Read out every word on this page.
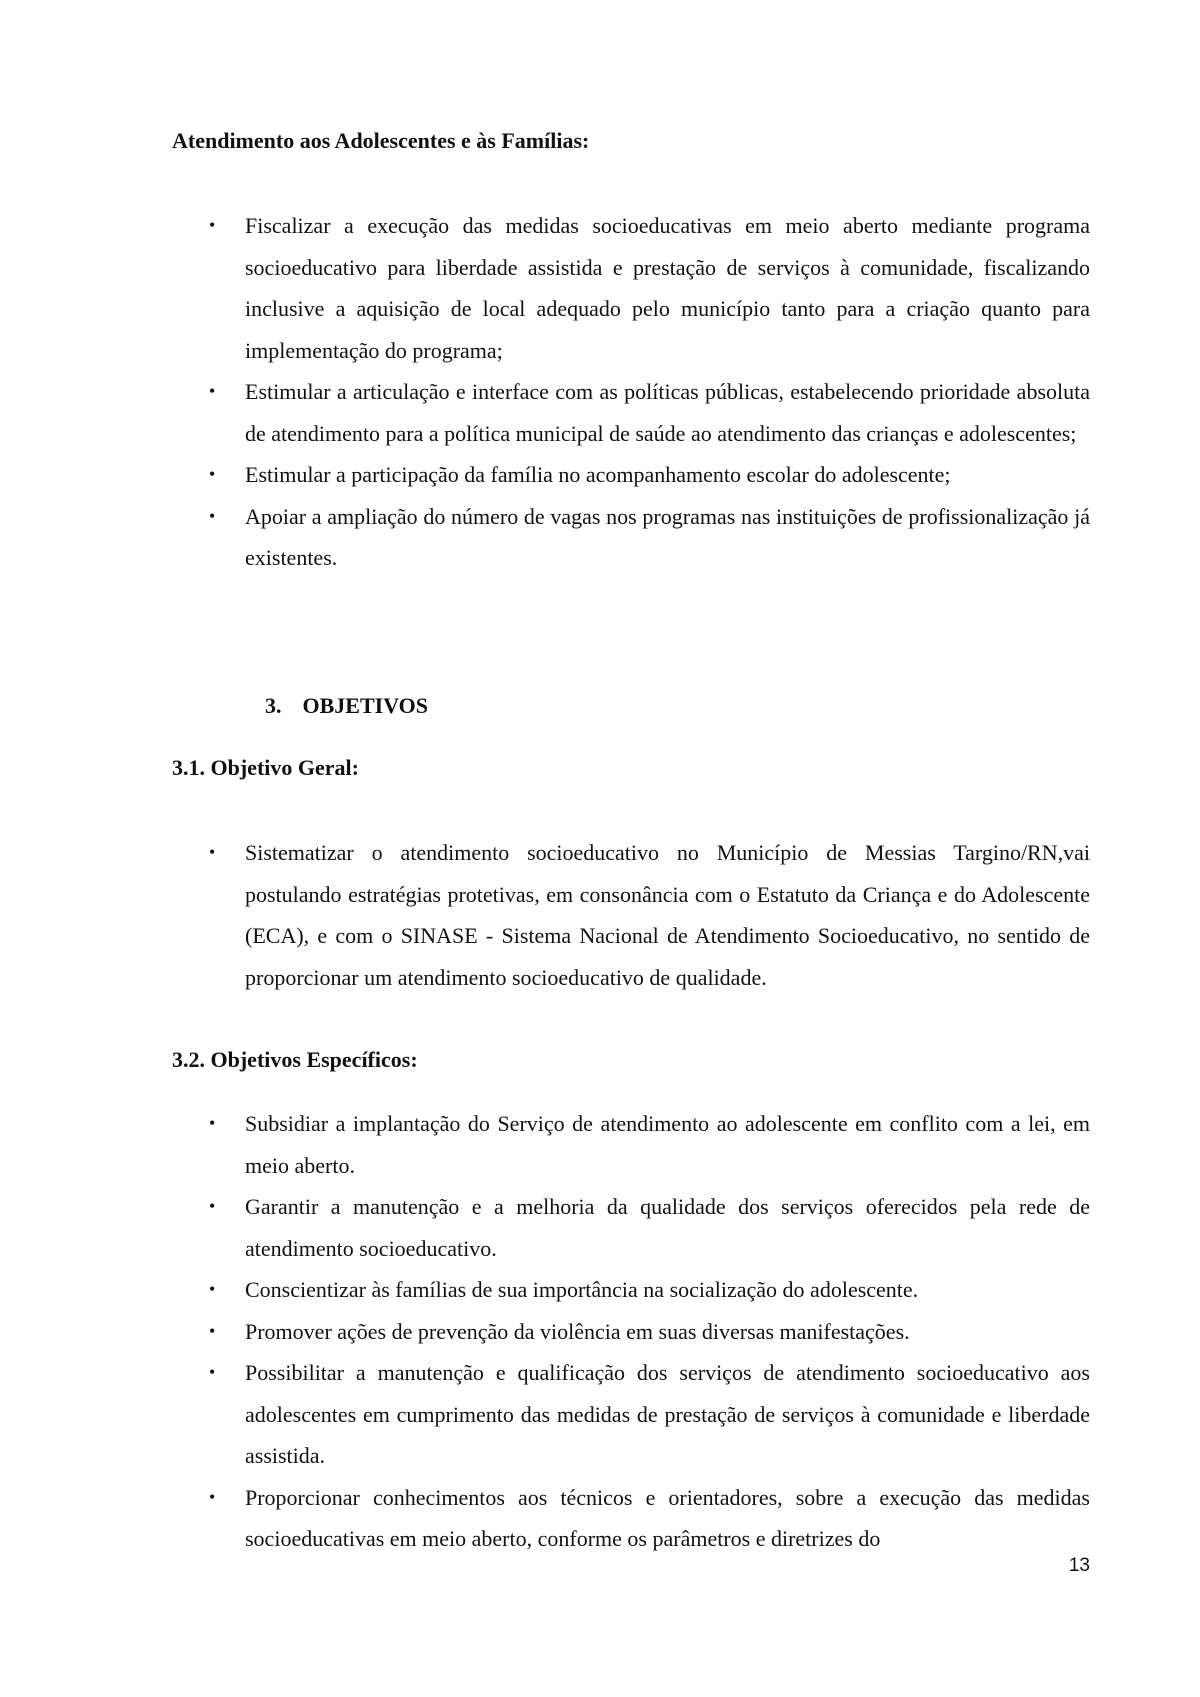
Atendimento aos Adolescentes e às Famílias:
• Fiscalizar a execução das medidas socioeducativas em meio aberto mediante programa socioeducativo para liberdade assistida e prestação de serviços à comunidade, fiscalizando inclusive a aquisição de local adequado pelo município tanto para a criação quanto para implementação do programa;
• Estimular a articulação e interface com as políticas públicas, estabelecendo prioridade absoluta de atendimento para a política municipal de saúde ao atendimento das crianças e adolescentes;
• Estimular a participação da família no acompanhamento escolar do adolescente;
• Apoiar a ampliação do número de vagas nos programas nas instituições de profissionalização já existentes.
3. OBJETIVOS
3.1. Objetivo Geral:
• Sistematizar o atendimento socioeducativo no Município de Messias Targino/RN,vai postulando estratégias protetivas, em consonância com o Estatuto da Criança e do Adolescente (ECA), e com o SINASE - Sistema Nacional de Atendimento Socioeducativo, no sentido de proporcionar um atendimento socioeducativo de qualidade.
3.2. Objetivos Específicos:
• Subsidiar a implantação do Serviço de atendimento ao adolescente em conflito com a lei, em meio aberto.
• Garantir a manutenção e a melhoria da qualidade dos serviços oferecidos pela rede de atendimento socioeducativo.
• Conscientizar às famílias de sua importância na socialização do adolescente.
• Promover ações de prevenção da violência em suas diversas manifestações.
• Possibilitar a manutenção e qualificação dos serviços de atendimento socioeducativo aos adolescentes em cumprimento das medidas de prestação de serviços à comunidade e liberdade assistida.
• Proporcionar conhecimentos aos técnicos e orientadores, sobre a execução das medidas socioeducativas em meio aberto, conforme os parâmetros e diretrizes do
13
